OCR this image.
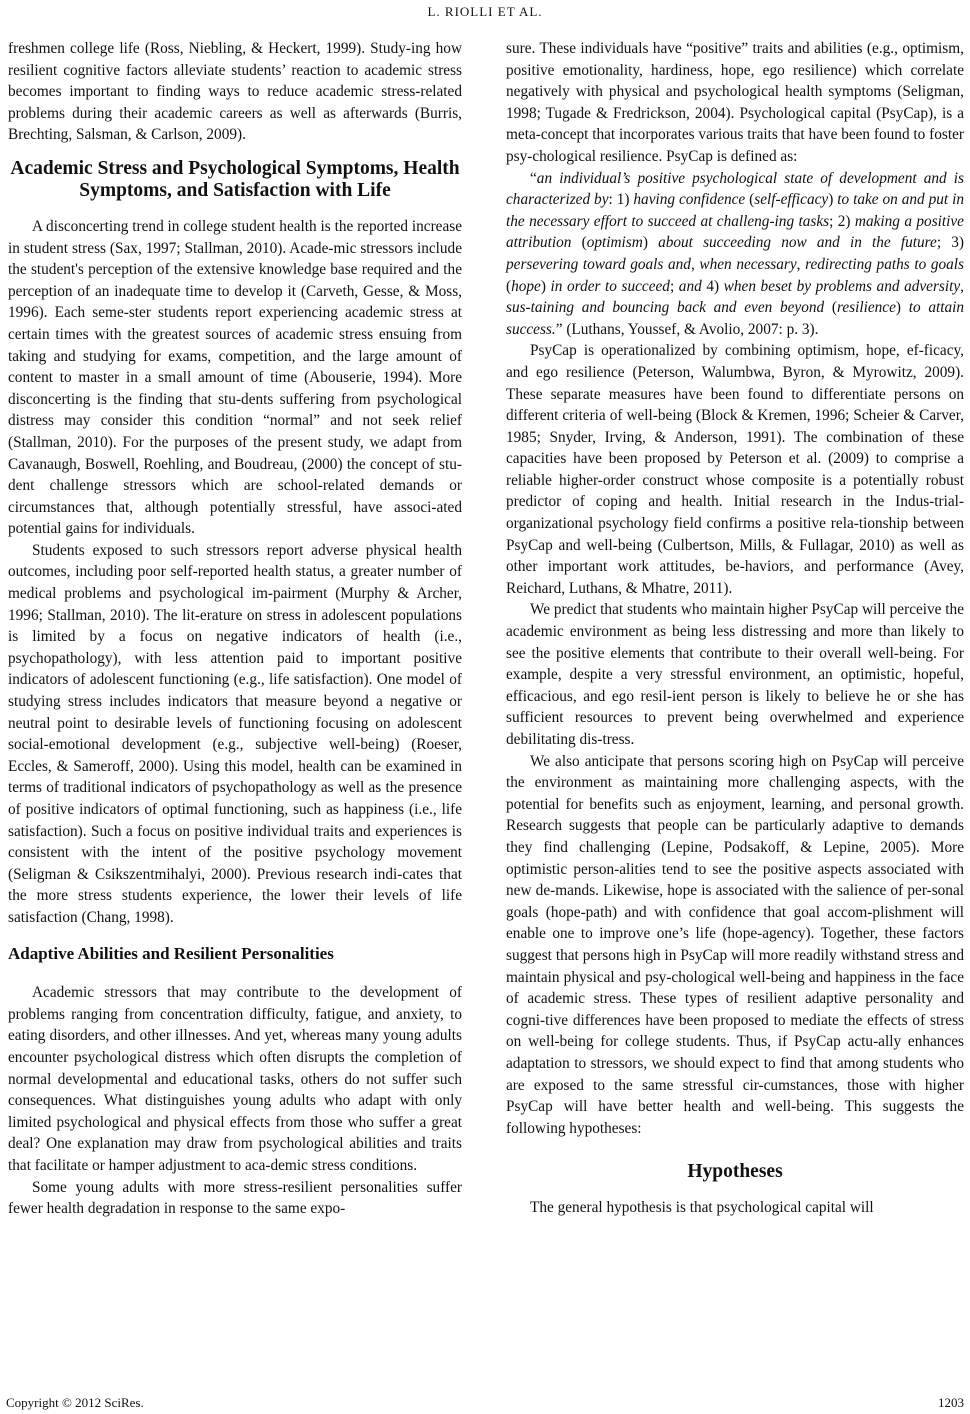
L. RIOLLI ET AL.

freshmen college life (Ross, Niebling, & Heckert, 1999). Study-ing how resilient cognitive factors alleviate students’ reaction to academic stress becomes important to finding ways to reduce academic stress-related problems during their academic careers as well as afterwards (Burris, Brechting, Salsman, & Carlson, 2009).

Academic Stress and Psychological Symptoms, Health Symptoms, and Satisfaction with Life

A disconcerting trend in college student health is the reported increase in student stress (Sax, 1997; Stallman, 2010). Acade-mic stressors include the student's perception of the extensive knowledge base required and the perception of an inadequate time to develop it (Carveth, Gesse, & Moss, 1996). Each seme-ster students report experiencing academic stress at certain times with the greatest sources of academic stress ensuing from taking and studying for exams, competition, and the large amount of content to master in a small amount of time (Abouserie, 1994). More disconcerting is the finding that stu-dents suffering from psychological distress may consider this condition “normal” and not seek relief (Stallman, 2010). For the purposes of the present study, we adapt from Cavanaugh, Boswell, Roehling, and Boudreau, (2000) the concept of stu-dent challenge stressors which are school-related demands or circumstances that, although potentially stressful, have associ-ated potential gains for individuals.

Students exposed to such stressors report adverse physical health outcomes, including poor self-reported health status, a greater number of medical problems and psychological im-pairment (Murphy & Archer, 1996; Stallman, 2010). The lit-erature on stress in adolescent populations is limited by a focus on negative indicators of health (i.e., psychopathology), with less attention paid to important positive indicators of adolescent functioning (e.g., life satisfaction). One model of studying stress includes indicators that measure beyond a negative or neutral point to desirable levels of functioning focusing on adolescent social-emotional development (e.g., subjective well-being) (Roeser, Eccles, & Sameroff, 2000). Using this model, health can be examined in terms of traditional indicators of psychopathology as well as the presence of positive indicators of optimal functioning, such as happiness (i.e., life satisfaction). Such a focus on positive individual traits and experiences is consistent with the intent of the positive psychology movement (Seligman & Csikszentmihalyi, 2000). Previous research indi-cates that the more stress students experience, the lower their levels of life satisfaction (Chang, 1998).

Adaptive Abilities and Resilient Personalities

Academic stressors that may contribute to the development of problems ranging from concentration difficulty, fatigue, and anxiety, to eating disorders, and other illnesses. And yet, whereas many young adults encounter psychological distress which often disrupts the completion of normal developmental and educational tasks, others do not suffer such consequences. What distinguishes young adults who adapt with only limited psychological and physical effects from those who suffer a great deal? One explanation may draw from psychological abilities and traits that facilitate or hamper adjustment to aca-demic stress conditions.

Some young adults with more stress-resilient personalities suffer fewer health degradation in response to the same expo-

sure. These individuals have “positive” traits and abilities (e.g., optimism, positive emotionality, hardiness, hope, ego resilience) which correlate negatively with physical and psychological health symptoms (Seligman, 1998; Tugade & Fredrickson, 2004). Psychological capital (PsyCap), is a meta-concept that incorporates various traits that have been found to foster psy-chological resilience. PsyCap is defined as:

“an individual’s positive psychological state of development and is characterized by: 1) having confidence (self-efficacy) to take on and put in the necessary effort to succeed at challeng-ing tasks; 2) making a positive attribution (optimism) about succeeding now and in the future; 3) persevering toward goals and, when necessary, redirecting paths to goals (hope) in order to succeed; and 4) when beset by problems and adversity, sus-taining and bouncing back and even beyond (resilience) to attain success.” (Luthans, Youssef, & Avolio, 2007: p. 3).

PsyCap is operationalized by combining optimism, hope, ef-ficacy, and ego resilience (Peterson, Walumbwa, Byron, & Myrowitz, 2009). These separate measures have been found to differentiate persons on different criteria of well-being (Block & Kremen, 1996; Scheier & Carver, 1985; Snyder, Irving, & Anderson, 1991). The combination of these capacities have been proposed by Peterson et al. (2009) to comprise a reliable higher-order construct whose composite is a potentially robust predictor of coping and health. Initial research in the Indus-trial-organizational psychology field confirms a positive rela-tionship between PsyCap and well-being (Culbertson, Mills, & Fullagar, 2010) as well as other important work attitudes, be-haviors, and performance (Avey, Reichard, Luthans, & Mhatre, 2011).

We predict that students who maintain higher PsyCap will perceive the academic environment as being less distressing and more than likely to see the positive elements that contribute to their overall well-being. For example, despite a very stressful environment, an optimistic, hopeful, efficacious, and ego resil-ient person is likely to believe he or she has sufficient resources to prevent being overwhelmed and experience debilitating dis-tress.

We also anticipate that persons scoring high on PsyCap will perceive the environment as maintaining more challenging aspects, with the potential for benefits such as enjoyment, learning, and personal growth. Research suggests that people can be particularly adaptive to demands they find challenging (Lepine, Podsakoff, & Lepine, 2005). More optimistic person-alities tend to see the positive aspects associated with new de-mands. Likewise, hope is associated with the salience of per-sonal goals (hope-path) and with confidence that goal accom-plishment will enable one to improve one’s life (hope-agency). Together, these factors suggest that persons high in PsyCap will more readily withstand stress and maintain physical and psy-chological well-being and happiness in the face of academic stress. These types of resilient adaptive personality and cogni-tive differences have been proposed to mediate the effects of stress on well-being for college students. Thus, if PsyCap actu-ally enhances adaptation to stressors, we should expect to find that among students who are exposed to the same stressful cir-cumstances, those with higher PsyCap will have better health and well-being. This suggests the following hypotheses:

Hypotheses

The general hypothesis is that psychological capital will

Copyright © 2012 SciRes.	1203
